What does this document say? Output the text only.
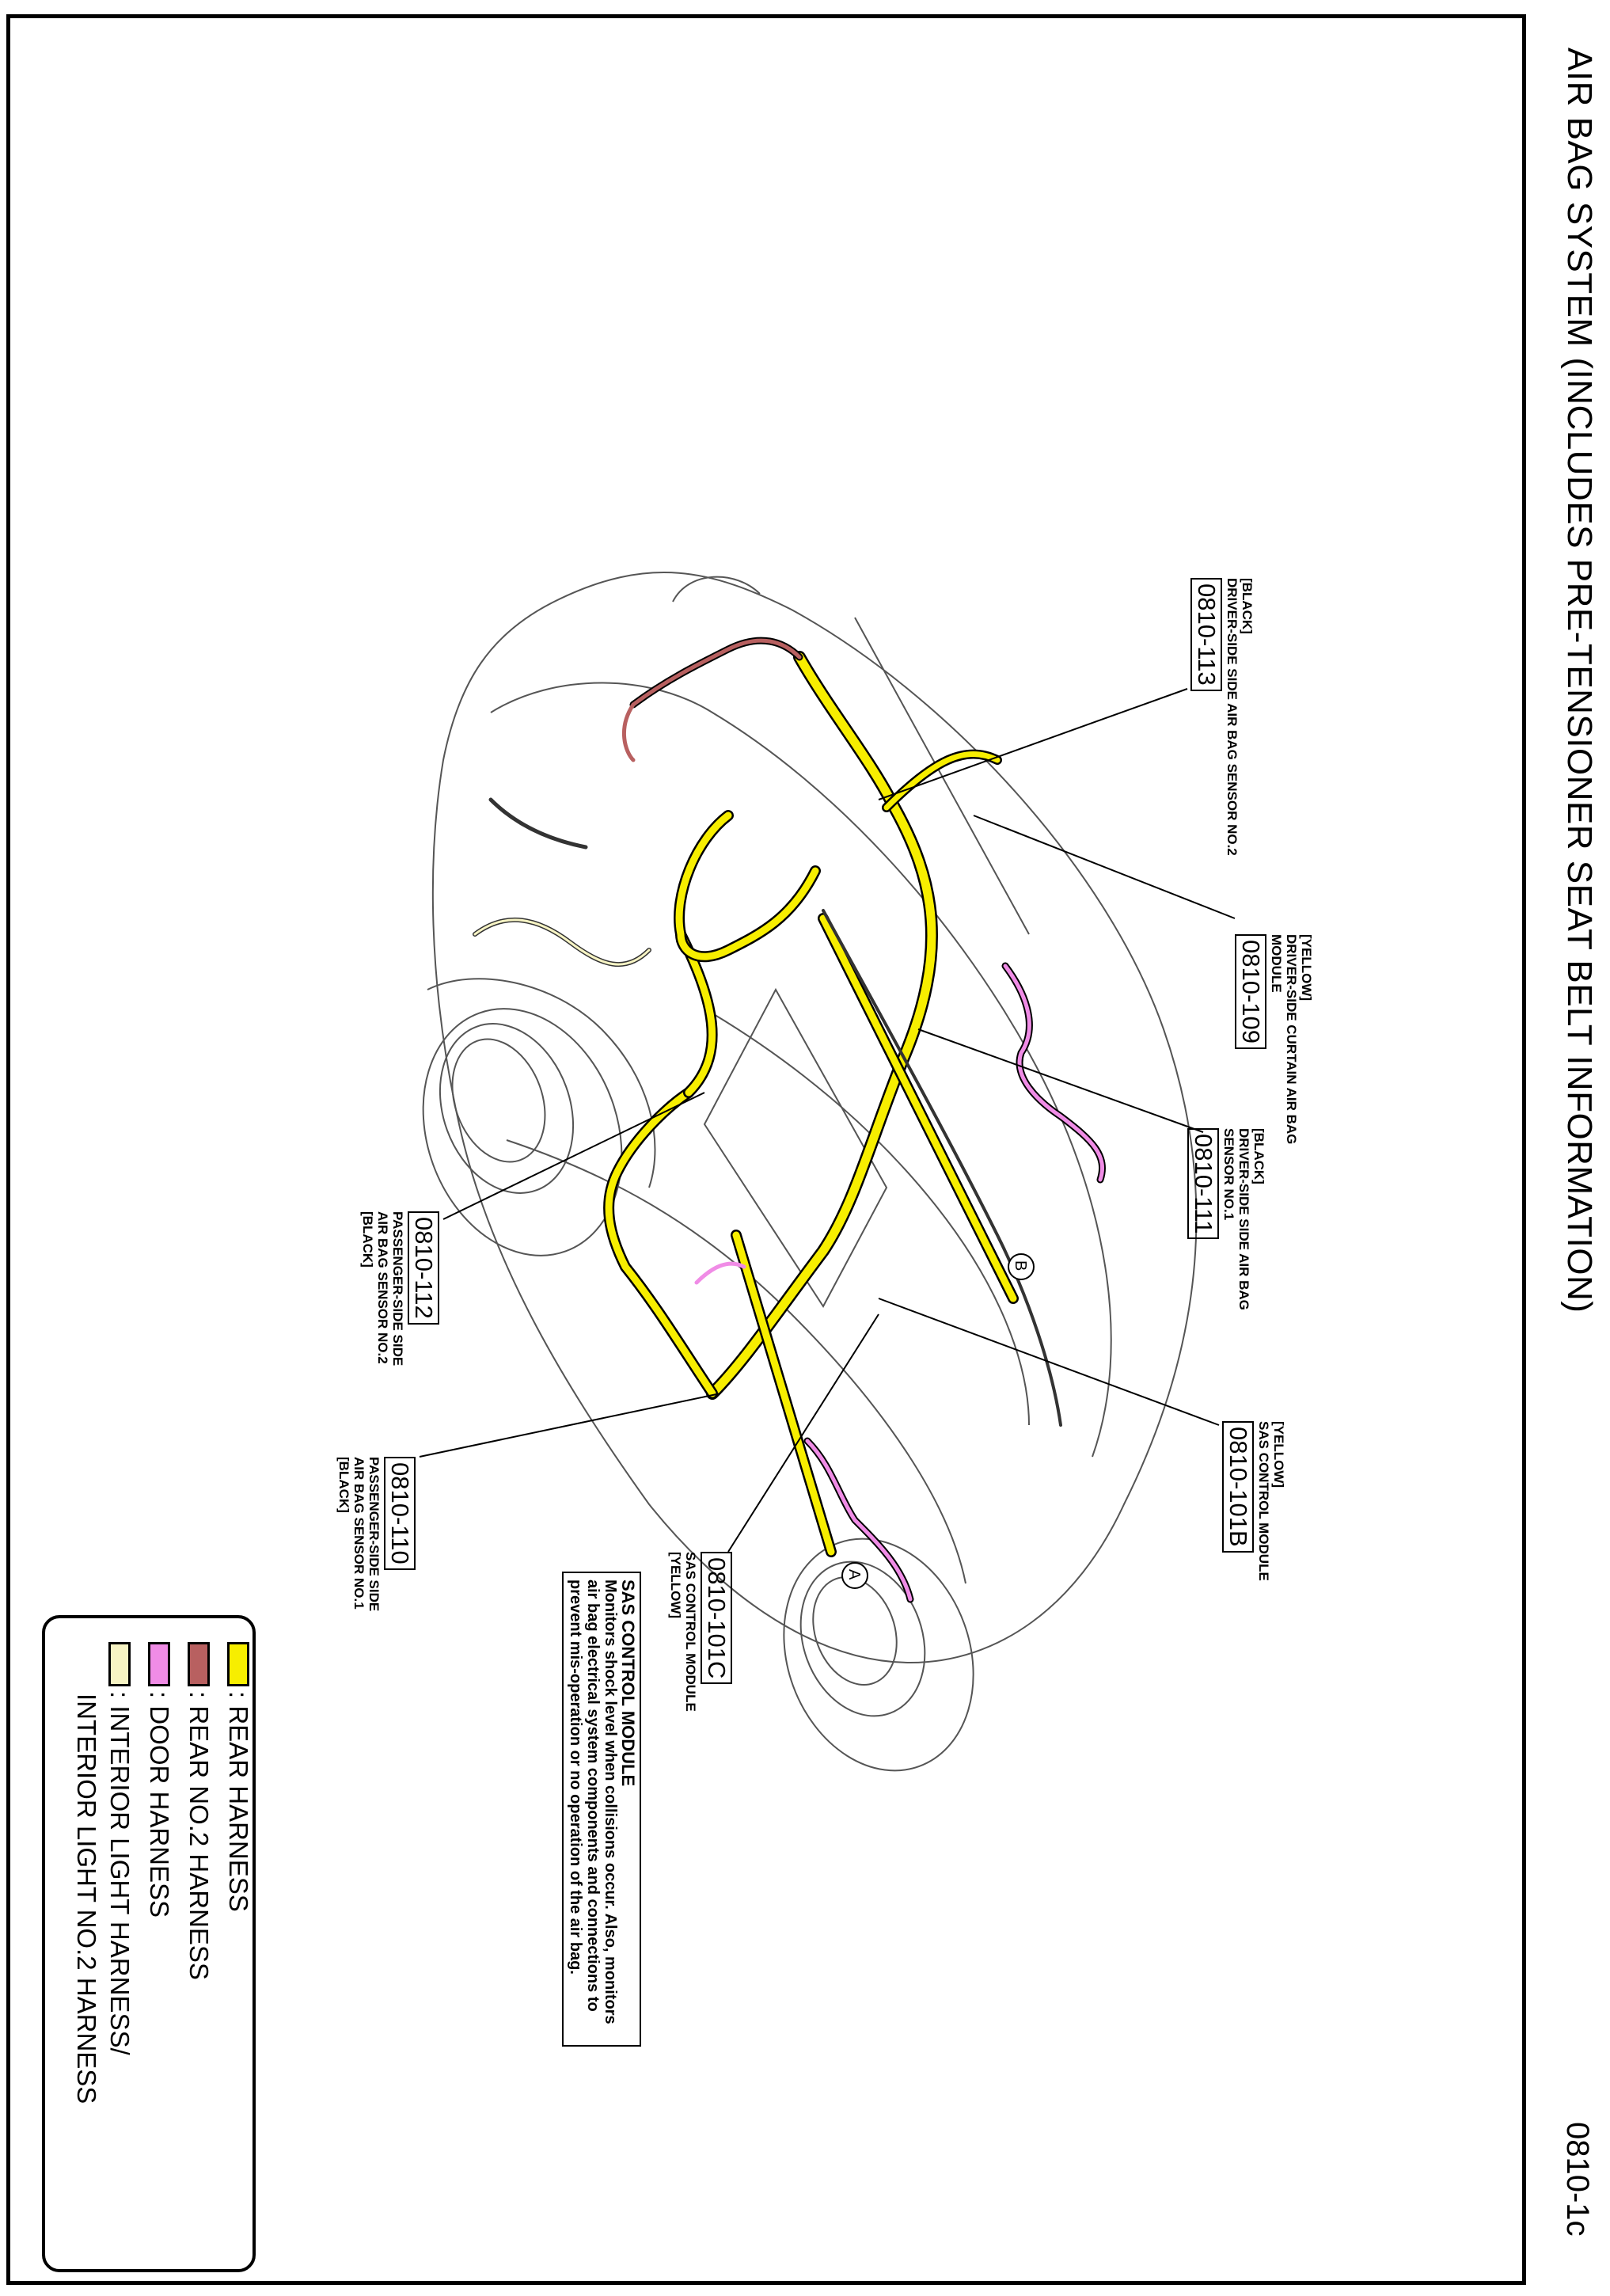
A
B	AIR BAG SYSTEM (INCLUDES PRE-TENSIONER SEAT BELT INFORMATION)
0810-1c
[BLACK]
DRIVER-SIDE SIDE AIR BAG SENSOR NO.2
0810-113
[YELLOW]
DRIVER-SIDE CURTAIN AIR BAG
MODULE
0810-109
[BLACK]
DRIVER-SIDE SIDE AIR BAG
SENSOR NO.1
0810-111
[YELLOW]
SAS CONTROL MODULE
0810-101B
0810-112
PASSENGER-SIDE SIDE
AIR BAG SENSOR NO.2
[BLACK]
0810-110
PASSENGER-SIDE SIDE
AIR BAG SENSOR NO.1
[BLACK]
0810-101C
SAS CONTROL MODULE
[YELLOW]
SAS CONTROL MODULE
Monitors shock level when collisions occur. Also, monitors air bag electrical system components and connections to prevent mis-operation or no operation of the air bag.
: REAR HARNESS
: REAR NO.2 HARNESS
: DOOR HARNESS
: INTERIOR LIGHT HARNESS/
INTERIOR LIGHT NO.2 HARNESS
